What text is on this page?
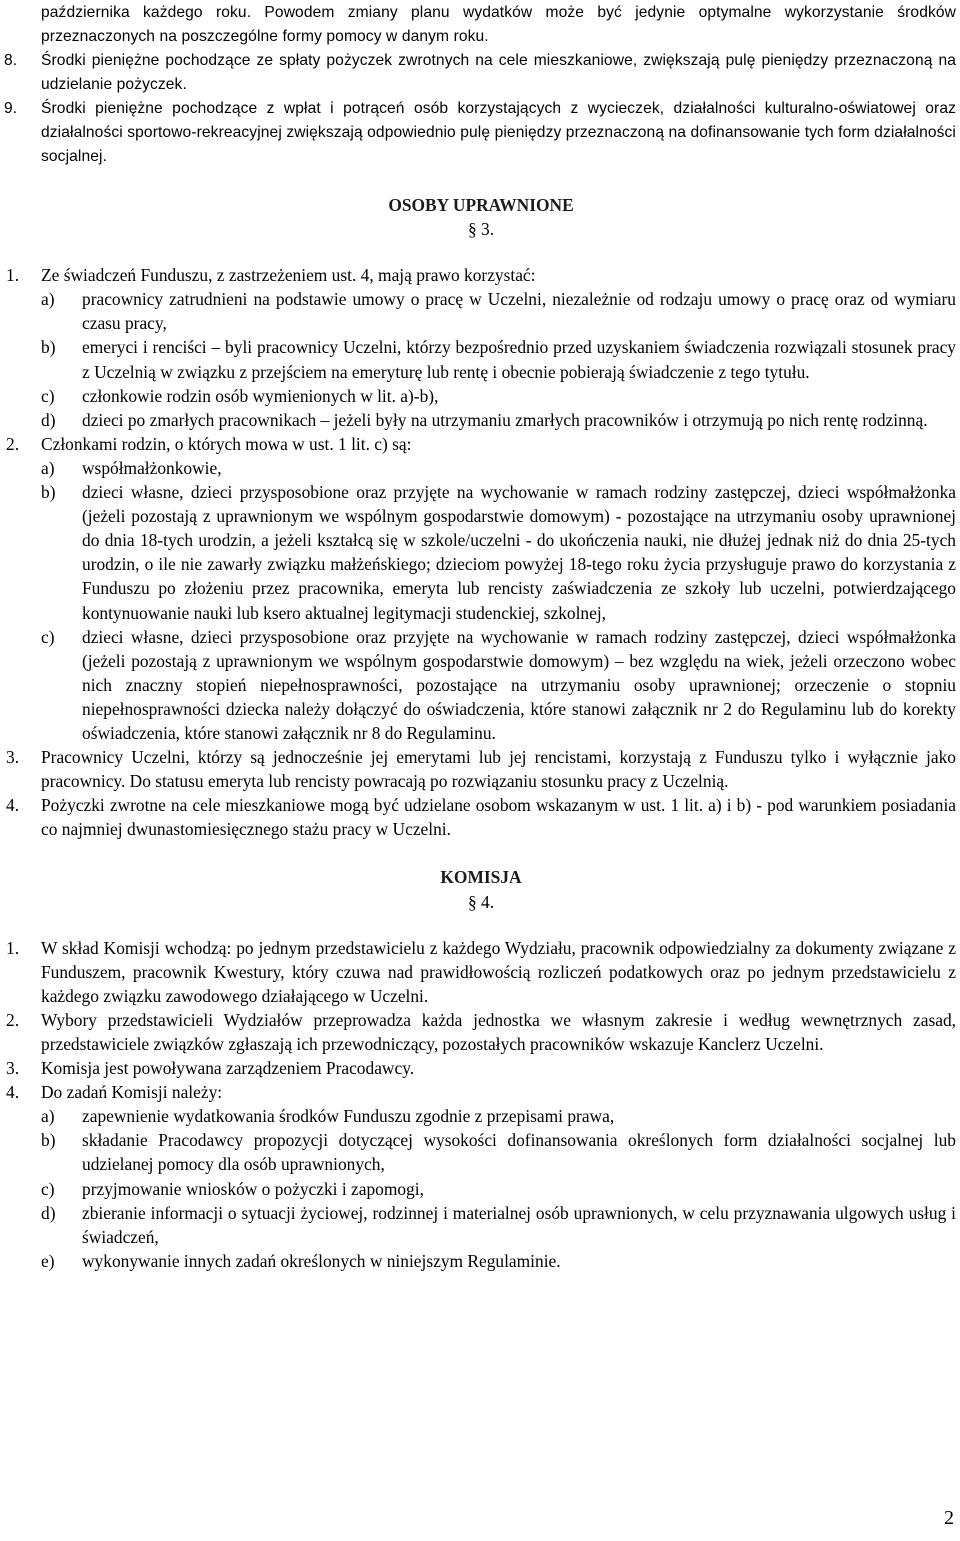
października każdego roku. Powodem zmiany planu wydatków może być jedynie optymalne wykorzystanie środków przeznaczonych na poszczególne formy pomocy w danym roku.
8. Środki pieniężne pochodzące ze spłaty pożyczek zwrotnych na cele mieszkaniowe, zwiększają pulę pieniędzy przeznaczoną na udzielanie pożyczek.
9. Środki pieniężne pochodzące z wpłat i potrąceń osób korzystających z wycieczek, działalności kulturalno-oświatowej oraz działalności sportowo-rekreacyjnej zwiększają odpowiednio pulę pieniędzy przeznaczoną na dofinansowanie tych form działalności socjalnej.
OSOBY UPRAWNIONE
§ 3.
1. Ze świadczeń Funduszu, z zastrzeżeniem ust. 4, mają prawo korzystać:
a) pracownicy zatrudnieni na podstawie umowy o pracę w Uczelni, niezależnie od rodzaju umowy o pracę oraz od wymiaru czasu pracy,
b) emeryci i renciści – byli pracownicy Uczelni, którzy bezpośrednio przed uzyskaniem świadczenia rozwiązali stosunek pracy z Uczelnią w związku z przejściem na emeryturę lub rentę i obecnie pobierają świadczenie z tego tytułu.
c) członkowie rodzin osób wymienionych w lit. a)-b),
d) dzieci po zmarłych pracownikach – jeżeli były na utrzymaniu zmarłych pracowników i otrzymują po nich rentę rodzinną.
2. Członkami rodzin, o których mowa w ust. 1 lit. c) są:
a) współmałżonkowie,
b) dzieci własne, dzieci przysposobione oraz przyjęte na wychowanie w ramach rodziny zastępczej, dzieci współmałżonka (jeżeli pozostają z uprawnionym we wspólnym gospodarstwie domowym) - pozostające na utrzymaniu osoby uprawnionej do dnia 18-tych urodzin, a jeżeli kształcą się w szkole/uczelni - do ukończenia nauki, nie dłużej jednak niż do dnia 25-tych urodzin, o ile nie zawarły związku małżeńskiego; dzieciom powyżej 18-tego roku życia przysługuje prawo do korzystania z Funduszu po złożeniu przez pracownika, emeryta lub rencisty zaświadczenia ze szkoły lub uczelni, potwierdzającego kontynuowanie nauki lub ksero aktualnej legitymacji studenckiej, szkolnej,
c) dzieci własne, dzieci przysposobione oraz przyjęte na wychowanie w ramach rodziny zastępczej, dzieci współmałżonka (jeżeli pozostają z uprawnionym we wspólnym gospodarstwie domowym) – bez względu na wiek, jeżeli orzeczono wobec nich znaczny stopień niepełnosprawności, pozostające na utrzymaniu osoby uprawnionej; orzeczenie o stopniu niepełnosprawności dziecka należy dołączyć do oświadczenia, które stanowi załącznik nr 2 do Regulaminu lub do korekty oświadczenia, które stanowi załącznik nr 8 do Regulaminu.
3. Pracownicy Uczelni, którzy są jednocześnie jej emerytami lub jej rencistami, korzystają z Funduszu tylko i wyłącznie jako pracownicy. Do statusu emeryta lub rencisty powracają po rozwiązaniu stosunku pracy z Uczelnią.
4. Pożyczki zwrotne na cele mieszkaniowe mogą być udzielane osobom wskazanym w ust. 1 lit. a) i b) - pod warunkiem posiadania co najmniej dwunastomiesięcznego stażu pracy w Uczelni.
KOMISJA
§ 4.
1. W skład Komisji wchodzą: po jednym przedstawicielu z każdego Wydziału, pracownik odpowiedzialny za dokumenty związane z Funduszem, pracownik Kwestury, który czuwa nad prawidłowością rozliczeń podatkowych oraz po jednym przedstawicielu z każdego związku zawodowego działającego w Uczelni.
2. Wybory przedstawicieli Wydziałów przeprowadza każda jednostka we własnym zakresie i według wewnętrznych zasad, przedstawiciele związków zgłaszają ich przewodniczący, pozostałych pracowników wskazuje Kanclerz Uczelni.
3. Komisja jest powoływana zarządzeniem Pracodawcy.
4. Do zadań Komisji należy:
a) zapewnienie wydatkowania środków Funduszu zgodnie z przepisami prawa,
b) składanie Pracodawcy propozycji dotyczącej wysokości dofinansowania określonych form działalności socjalnej lub udzielanej pomocy dla osób uprawnionych,
c) przyjmowanie wniosków o pożyczki i zapomogi,
d) zbieranie informacji o sytuacji życiowej, rodzinnej i materialnej osób uprawnionych, w celu przyznawania ulgowych usług i świadczeń,
e) wykonywanie innych zadań określonych w niniejszym Regulaminie.
2
